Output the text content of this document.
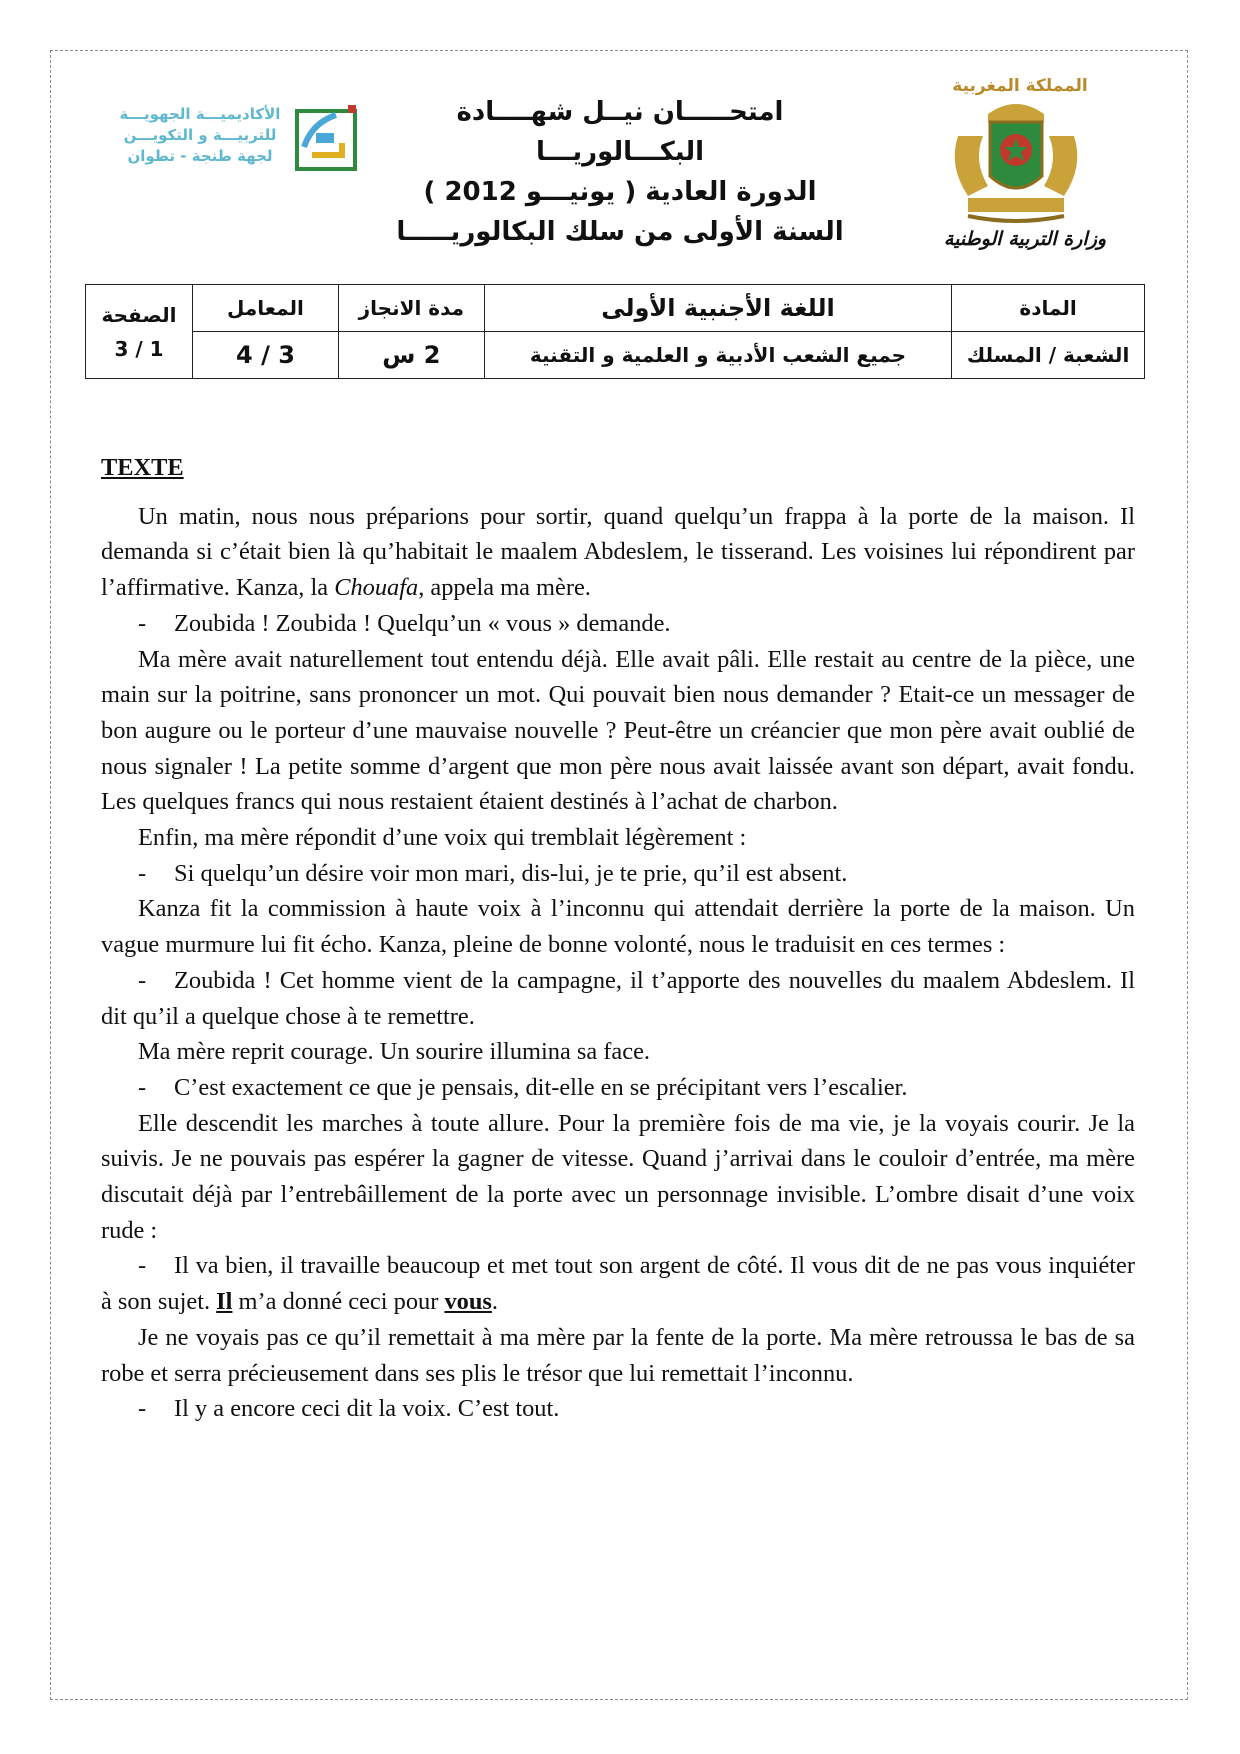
المملكة المغربية
وزارة التربية الوطنية
الأكاديميـــة الجهويـــة
للتربيـــة و التكويـــن
لجهة طنجة - تطوان
امتحـــــان نيــل شهــــادة البكـــالوريـــا
الدورة العادية ( يونيـــو 2012 )
السنة الأولى من سلك البكالوريـــــا
المادة	اللغة الأجنبية الأولى	مدة الانجاز	المعامل	الصفحة
3 / 1

الشعبة / المسلك	جميع الشعب الأدبية و العلمية و التقنية	2 س	4 / 3	

TEXTE

Un matin, nous nous préparions pour sortir, quand quelqu’un frappa à la porte de la maison. Il demanda si c’était bien là qu’habitait le maalem Abdeslem, le tisserand. Les voisines lui répondirent par l’affirmative. Kanza, la Chouafa, appela ma mère.

- Zoubida ! Zoubida ! Quelqu’un « vous » demande.

Ma mère avait naturellement tout entendu déjà. Elle avait pâli. Elle restait au centre de la pièce, une main sur la poitrine, sans prononcer un mot. Qui pouvait bien nous demander ? Etait-ce un messager de bon augure ou le porteur d’une mauvaise nouvelle ? Peut-être un créancier que mon père avait oublié de nous signaler ! La petite somme d’argent que mon père nous avait laissée avant son départ, avait fondu. Les quelques francs qui nous restaient étaient destinés à l’achat de charbon.

Enfin, ma mère répondit d’une voix qui tremblait légèrement :

- Si quelqu’un désire voir mon mari, dis-lui, je te prie, qu’il est absent.

Kanza fit la commission à haute voix à l’inconnu qui attendait derrière la porte de la maison. Un vague murmure lui fit écho. Kanza, pleine de bonne volonté, nous le traduisit en ces termes :

- Zoubida ! Cet homme vient de la campagne, il t’apporte des nouvelles du maalem Abdeslem. Il dit qu’il a quelque chose à te remettre.

Ma mère reprit courage. Un sourire illumina sa face.

- C’est exactement ce que je pensais, dit-elle en se précipitant vers l’escalier.

Elle descendit les marches à toute allure. Pour la première fois de ma vie, je la voyais courir. Je la suivis. Je ne pouvais pas espérer la gagner de vitesse. Quand j’arrivai dans le couloir d’entrée, ma mère discutait déjà par l’entrebâillement de la porte avec un personnage invisible. L’ombre disait d’une voix rude :

- Il va bien, il travaille beaucoup et met tout son argent de côté. Il vous dit de ne pas vous inquiéter à son sujet. Il m’a donné ceci pour vous.

Je ne voyais pas ce qu’il remettait à ma mère par la fente de la porte. Ma mère retroussa le bas de sa robe et serra précieusement dans ses plis le trésor que lui remettait l’inconnu.

- Il y a encore ceci dit la voix. C’est tout.
